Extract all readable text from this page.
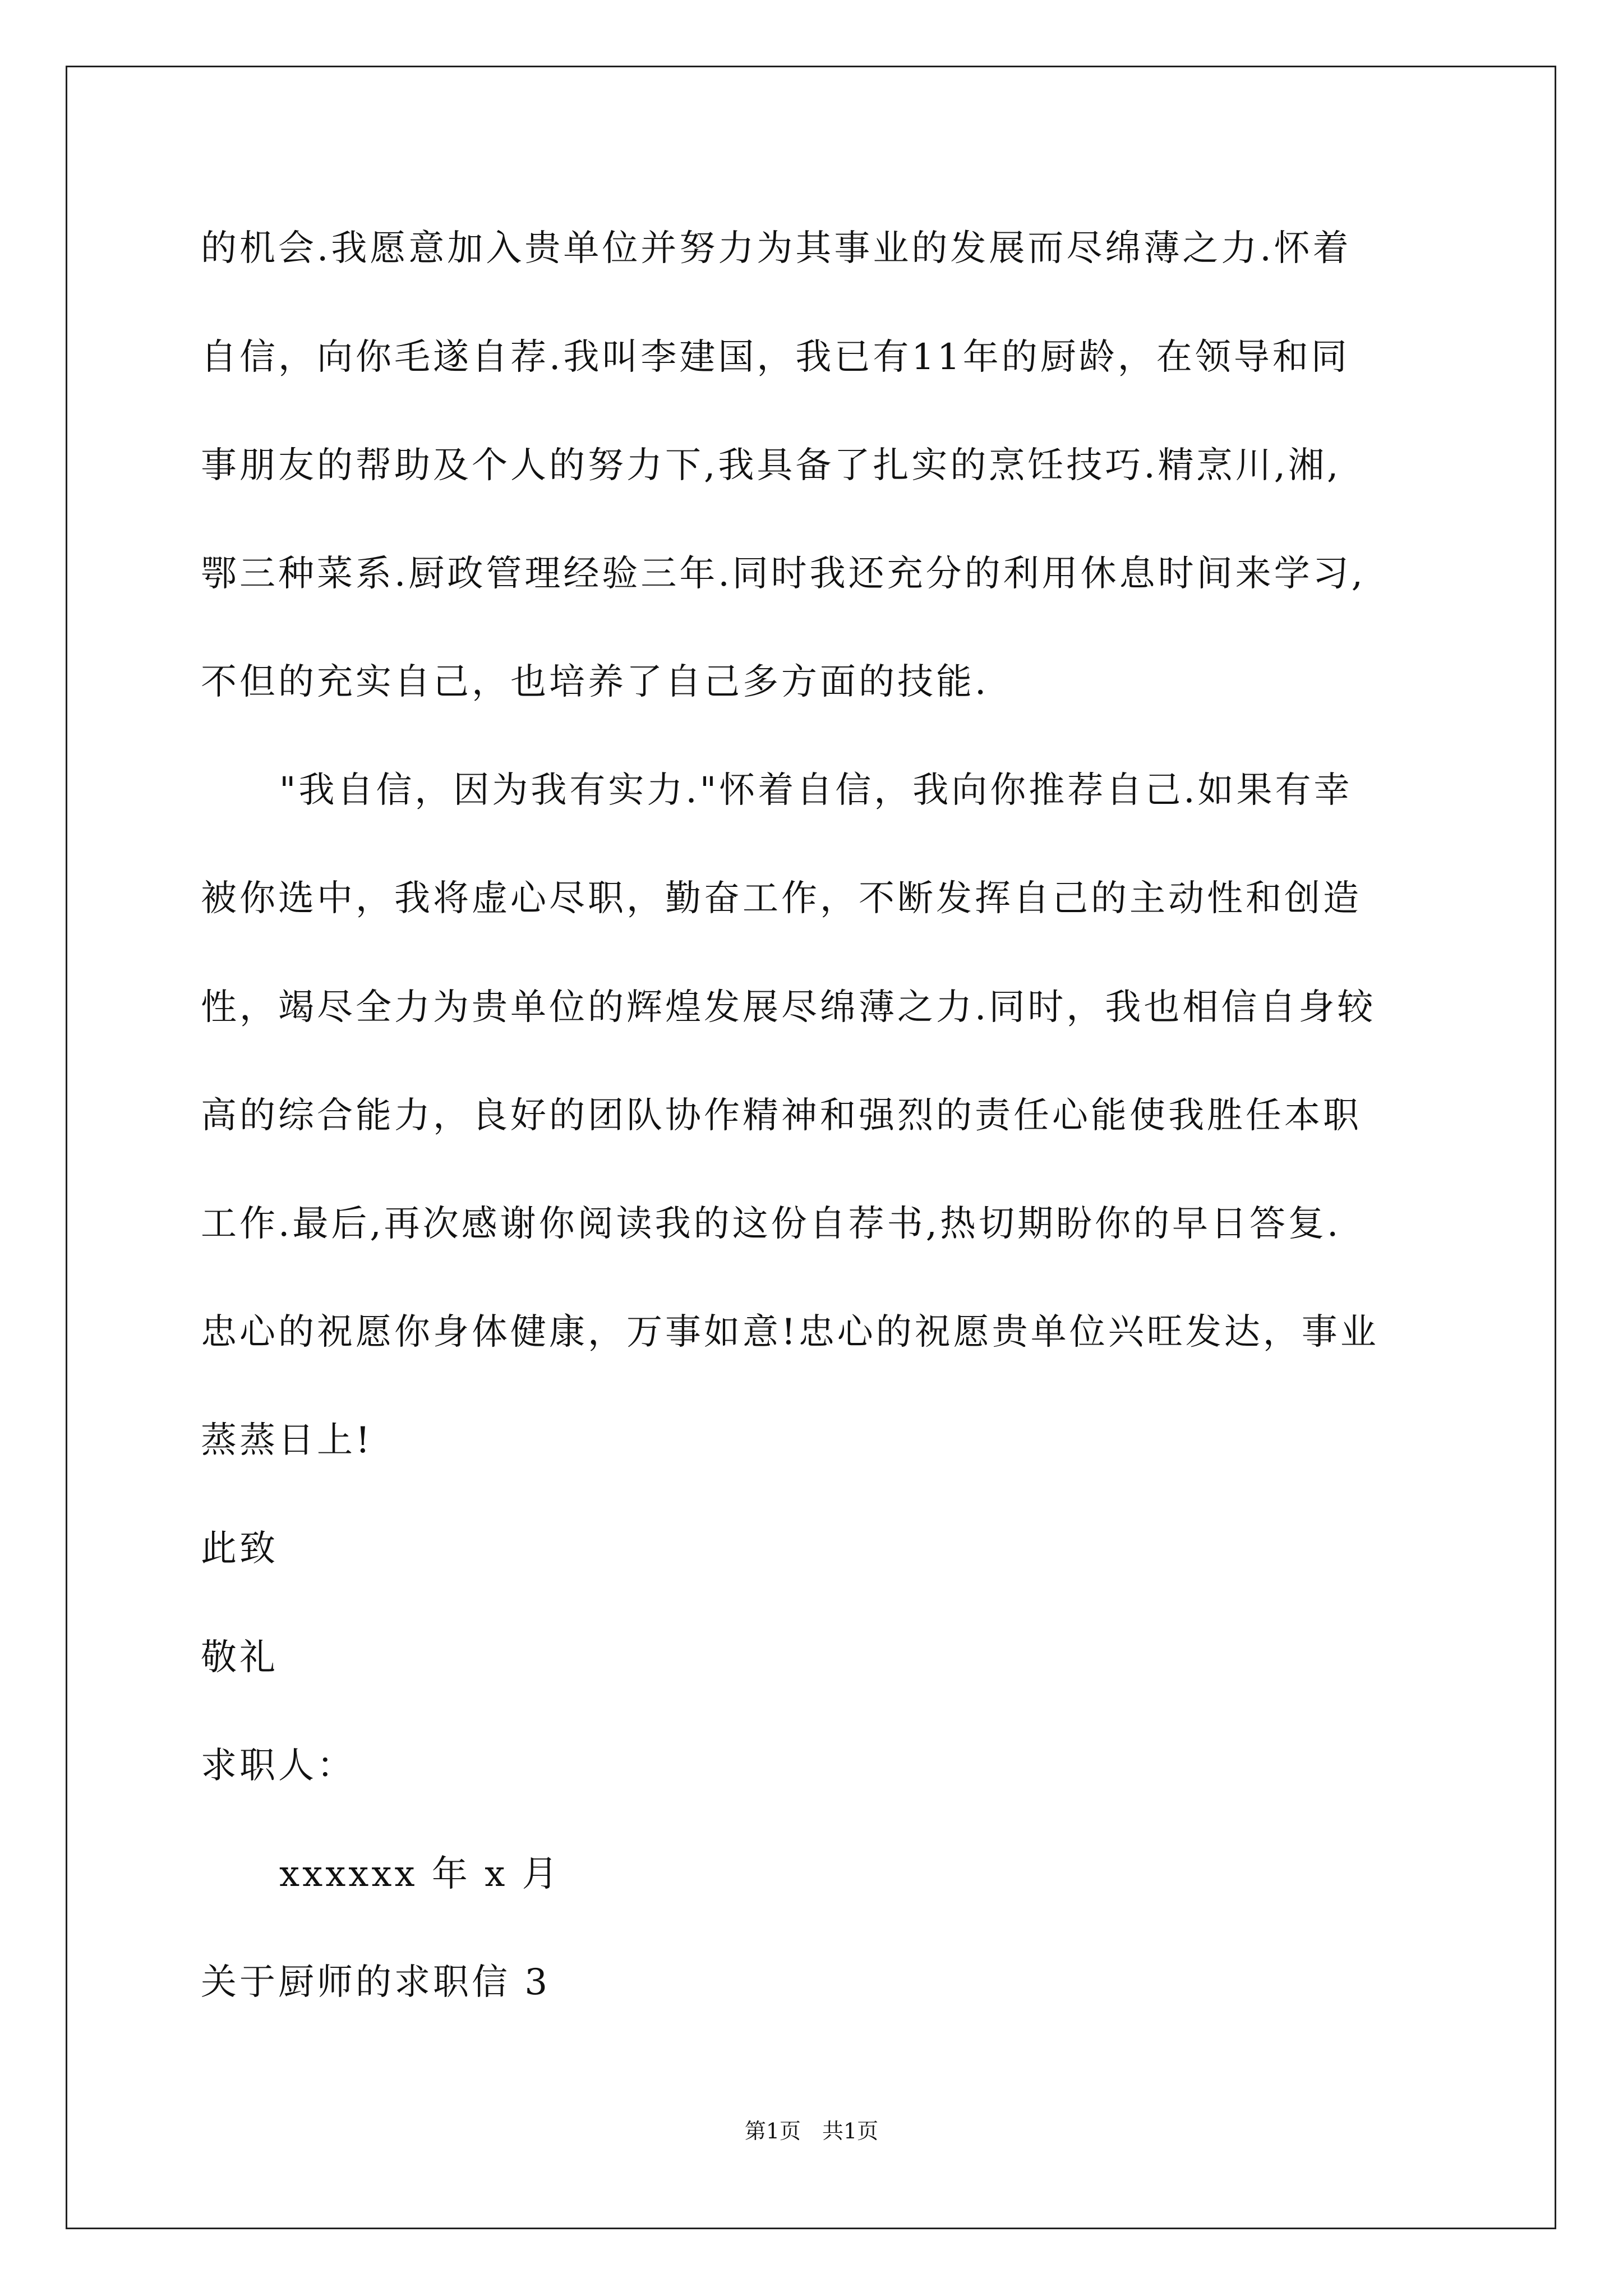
的机会.我愿意加入贵单位并努力为其事业的发展而尽绵薄之力.怀着
自信，向你毛遂自荐.我叫李建国，我已有11年的厨龄，在领导和同
事朋友的帮助及个人的努力下,我具备了扎实的烹饪技巧.精烹川,湘,
鄂三种菜系.厨政管理经验三年.同时我还充分的利用休息时间来学习,
不但的充实自己，也培养了自己多方面的技能.
"我自信，因为我有实力."怀着自信，我向你推荐自己.如果有幸
被你选中，我将虚心尽职，勤奋工作，不断发挥自己的主动性和创造
性，竭尽全力为贵单位的辉煌发展尽绵薄之力.同时，我也相信自身较
高的综合能力，良好的团队协作精神和强烈的责任心能使我胜任本职
工作.最后,再次感谢你阅读我的这份自荐书,热切期盼你的早日答复.
忠心的祝愿你身体健康，万事如意!忠心的祝愿贵单位兴旺发达，事业
蒸蒸日上!
此致
敬礼
求职人：
xxxxxx 年 x 月
关于厨师的求职信 3
第1页　共1页
